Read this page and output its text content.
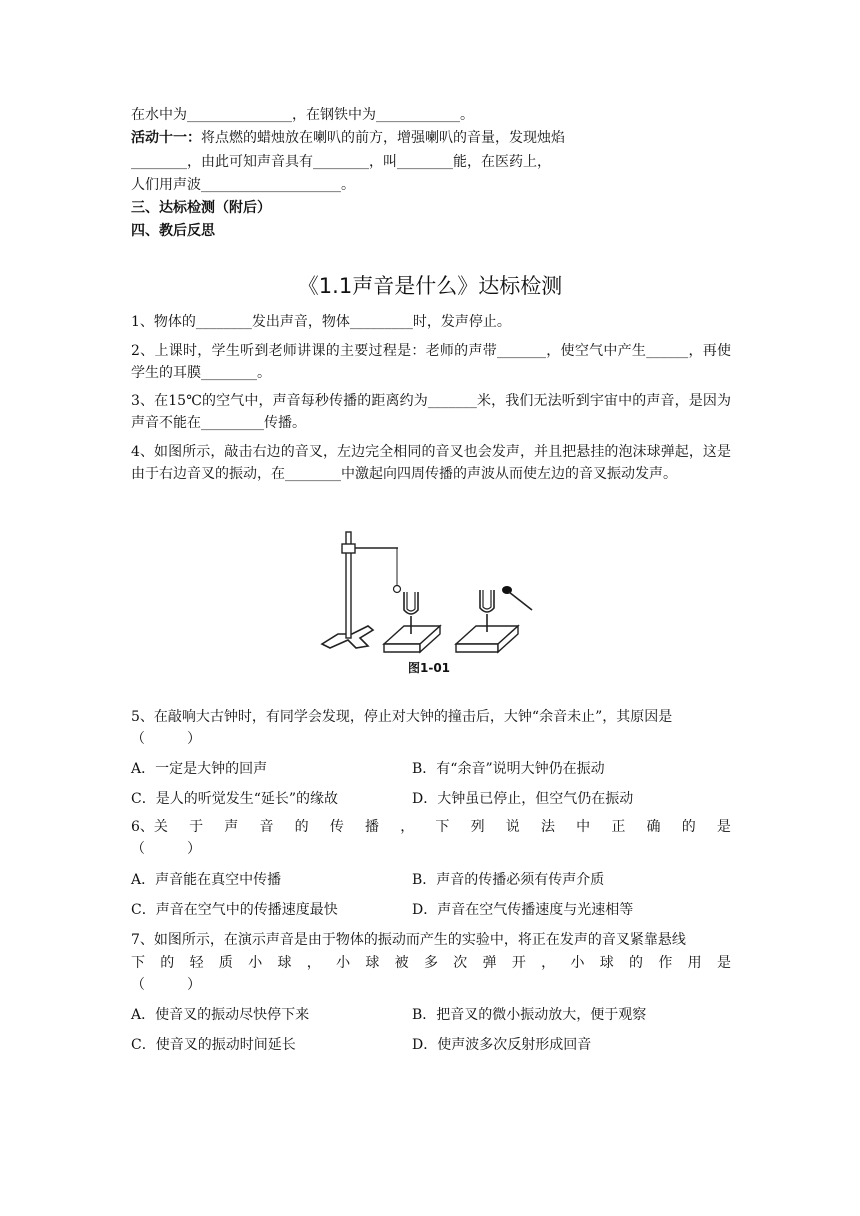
在水中为_______________，在钢铁中为____________。
活动十一：将点燃的蜡烛放在喇叭的前方，增强喇叭的音量，发现烛焰
________，由此可知声音具有________，叫________能，在医药上，
人们用声波____________________。
三、达标检测（附后）
四、教后反思
《1.1声音是什么》达标检测
1、物体的________发出声音，物体_________时，发声停止。
2、上课时，学生听到老师讲课的主要过程是：老师的声带_______，使空气中产生______，再使学生的耳膜________。
3、在15℃的空气中，声音每秒传播的距离约为_______米，我们无法听到宇宙中的声音，是因为声音不能在_________传播。
4、如图所示，敲击右边的音叉，左边完全相同的音叉也会发声，并且把悬挂的泡沫球弹起，这是由于右边音叉的振动，在________中激起向四周传播的声波从而使左边的音叉振动发声。
图1-01
5、在敲响大古钟时，有同学会发现，停止对大钟的撞击后，大钟“余音未止”，其原因是
（　　　）
A．一定是大钟的回声	B．有“余音”说明大钟仍在振动
C．是人的听觉发生“延长”的缘故	D．大钟虽已停止，但空气仍在振动
6、关 于 声 音 的 传 播 ， 下 列 说 法 中 正 确 的 是
（　　　）
A．声音能在真空中传播	B．声音的传播必须有传声介质
C．声音在空气中的传播速度最快	D．声音在空气传播速度与光速相等
7、如图所示，在演示声音是由于物体的振动而产生的实验中，将正在发声的音叉紧靠悬线
下 的 轻 质 小 球 ， 小 球 被 多 次 弹 开 ， 小 球 的 作 用 是
（　　　）
A．使音叉的振动尽快停下来	B．把音叉的微小振动放大，便于观察
C．使音叉的振动时间延长	D．使声波多次反射形成回音
